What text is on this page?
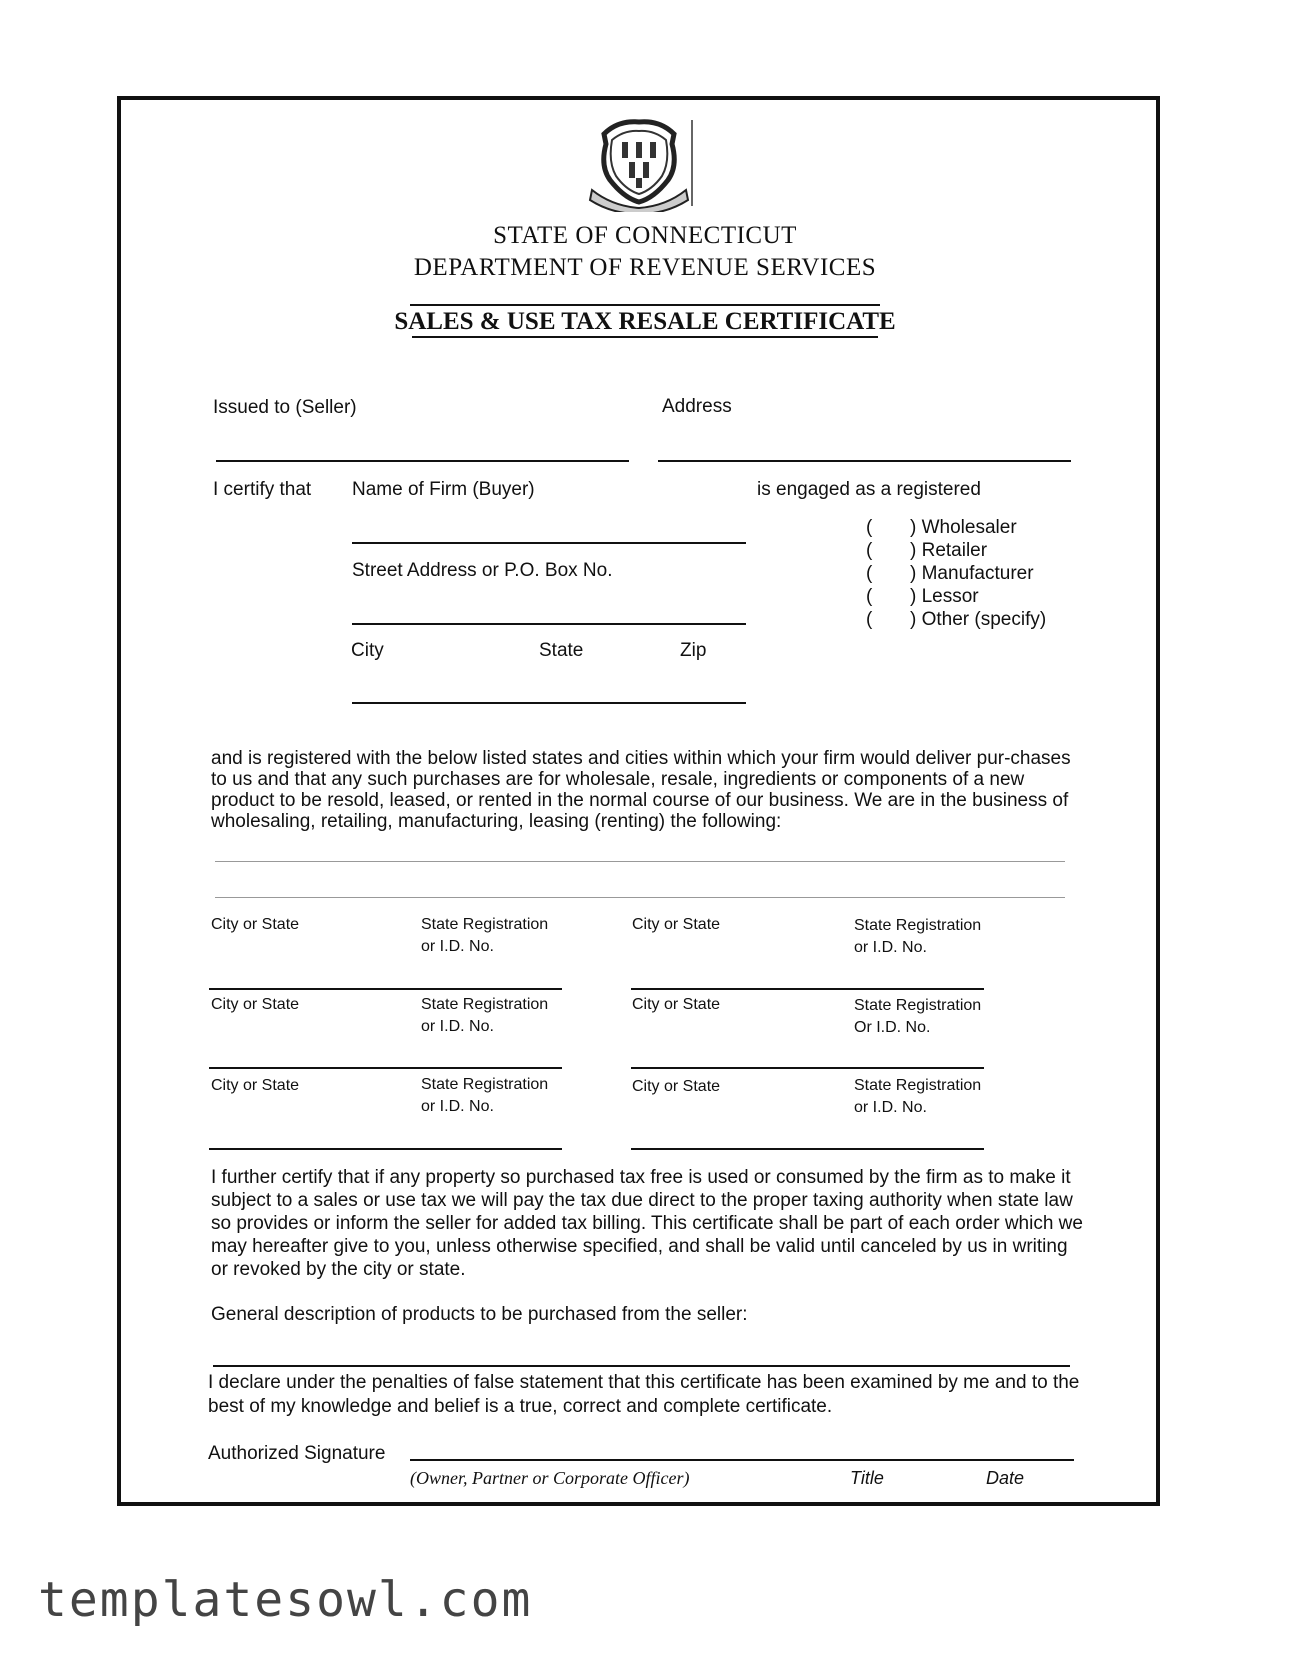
STATE OF CONNECTICUT
DEPARTMENT OF REVENUE SERVICES
SALES & USE TAX RESALE CERTIFICATE
Issued to (Seller)	Address
I certify that Name of Firm (Buyer)	is engaged as a registered
Street Address or P.O. Box No.
City	State	Zip
( ) Wholesaler
( ) Retailer
( ) Manufacturer
( ) Lessor
( ) Other (specify)
and is registered with the below listed states and cities within which your firm would deliver pur-chases to us and that any such purchases are for wholesale, resale, ingredients or components of a new product to be resold, leased, or rented in the normal course of our business. We are in the business of wholesaling, retailing, manufacturing, leasing (renting) the following:
City or State	State Registration
or I.D. No.
City or State	State Registration
or I.D. No.
City or State	State Registration
or I.D. No.
City or State	State Registration
Or I.D. No.
City or State	State Registration
or I.D. No.
City or State	State Registration
or I.D. No.
I further certify that if any property so purchased tax free is used or consumed by the firm as to make it subject to a sales or use tax we will pay the tax due direct to the proper taxing authority when state law so provides or inform the seller for added tax billing. This certificate shall be part of each order which we may hereafter give to you, unless otherwise specified, and shall be valid until canceled by us in writing or revoked by the city or state.
General description of products to be purchased from the seller:
I declare under the penalties of false statement that this certificate has been examined by me and to the best of my knowledge and belief is a true, correct and complete certificate.
Authorized Signature
(Owner, Partner or Corporate Officer)	Title	Date
templatesowl.com
